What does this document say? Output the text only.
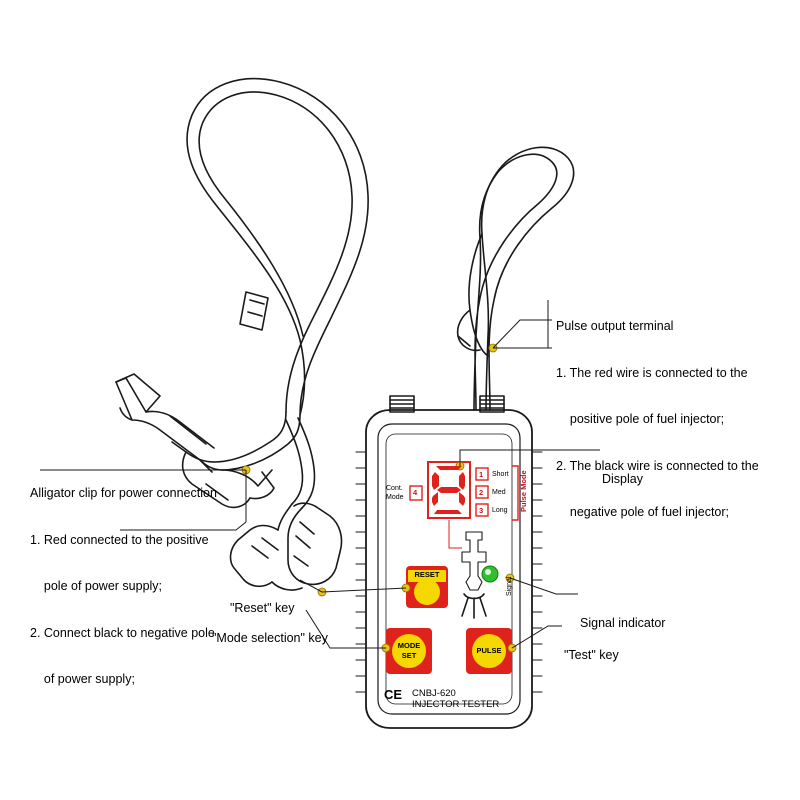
Pulse output terminal

1. The red wire is connected to the

positive pole of fuel injector;

2. The black wire is connected to the

negative pole of fuel injector;

Alligator clip for power connection

1. Red connected to the positive

pole of power supply;

2. Connect black to negative pole

of power supply;

Display

"Reset" key

"Mode selection" key

Signal indicator

"Test" key

Cont.
Mode
4
1 Short
2 Med
3 Long Pulse Mode
Signal
RESET
MODE
SET
PULSE
CE CNBJ-620
INJECTOR TESTER
